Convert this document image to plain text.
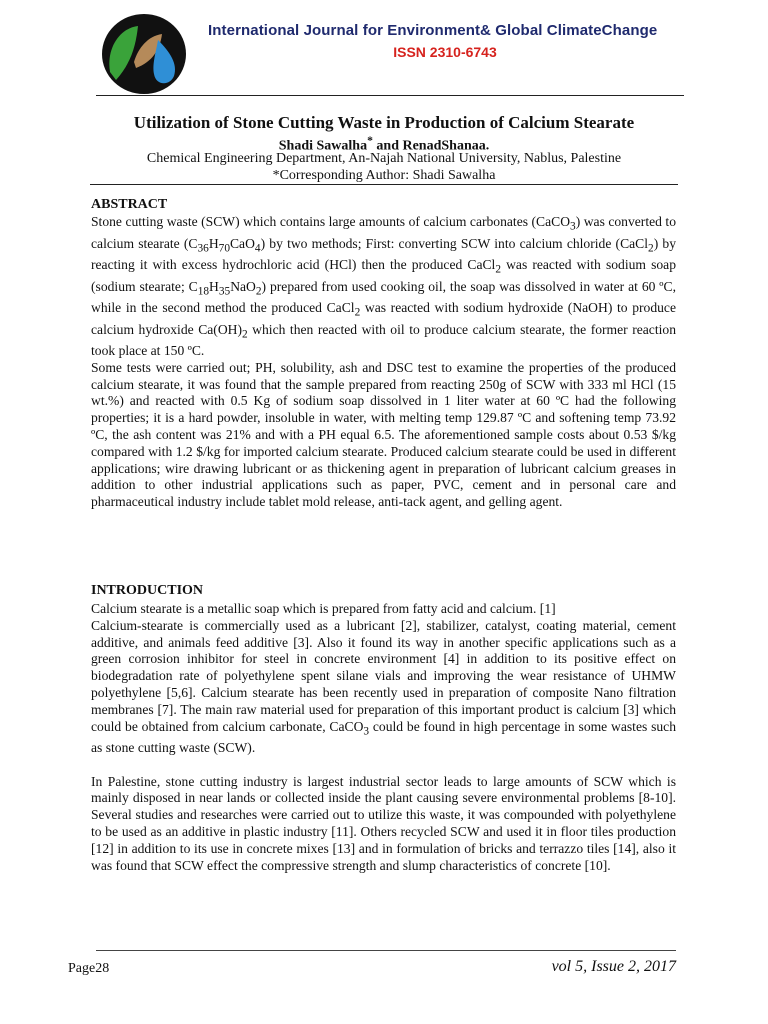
International Journal for Environment& Global ClimateChange
ISSN 2310-6743
Utilization of Stone Cutting Waste in Production of Calcium Stearate
Shadi Sawalha* and RenadShanaa.
Chemical Engineering Department, An-Najah National University, Nablus, Palestine
*Corresponding Author: Shadi Sawalha
ABSTRACT

Stone cutting waste (SCW) which contains large amounts of calcium carbonates (CaCO$_3$) was converted to calcium stearate $(C_{36}H_{70}CaO_4)$ by two methods; First: converting SCW into calcium chloride (CaCl$_2$) by reacting it with excess hydrochloric acid (HCl) then the produced CaCl$_2$ was reacted with sodium soap (sodium stearate; $C_{18}H_{35}NaO_2$) prepared from used cooking oil, the soap was dissolved in water at 60 ºC, while in the second method the produced CaCl$_2$ was reacted with sodium hydroxide (NaOH) to produce calcium hydroxide $Ca(OH)_2$ which then reacted with oil to produce calcium stearate, the former reaction took place at 150 ºC.

Some tests were carried out; PH, solubility, ash and DSC test to examine the properties of the produced calcium stearate, it was found that the sample prepared from reacting 250g of SCW with 333 ml HCl (15 wt.%) and reacted with 0.5 Kg of sodium soap dissolved in 1 liter water at 60 ºC had the following properties; it is a hard powder, insoluble in water, with melting temp 129.87 ºC and softening temp 73.92 ºC, the ash content was 21% and with a PH equal 6.5. The aforementioned sample costs about 0.53 $/kg compared with 1.2 $/kg for imported calcium stearate. Produced calcium stearate could be used in different applications; wire drawing lubricant or as thickening agent in preparation of lubricant calcium greases in addition to other industrial applications such as paper, PVC, cement and in personal care and pharmaceutical industry include tablet mold release, anti-tack agent, and gelling agent.

INTRODUCTION

Calcium stearate is a metallic soap which is prepared from fatty acid and calcium. [1]

Calcium-stearate is commercially used as a lubricant [2], stabilizer, catalyst, coating material, cement additive, and animals feed additive [3]. Also it found its way in another specific applications such as a green corrosion inhibitor for steel in concrete environment [4] in addition to its positive effect on biodegradation rate of polyethylene spent silane vials and improving the wear resistance of UHMW polyethylene [5,6]. Calcium stearate has been recently used in preparation of composite Nano filtration membranes [7]. The main raw material used for preparation of this important product is calcium [3] which could be obtained from calcium carbonate, CaCO$_3$ could be found in high percentage in some wastes such as stone cutting waste (SCW).

In Palestine, stone cutting industry is largest industrial sector leads to large amounts of SCW which is mainly disposed in near lands or collected inside the plant causing severe environmental problems [8-10]. Several studies and researches were carried out to utilize this waste, it was compounded with polyethylene to be used as an additive in plastic industry [11]. Others recycled SCW and used it in floor tiles production [12] in addition to its use in concrete mixes [13] and in formulation of bricks and terrazzo tiles [14], also it was found that SCW effect the compressive strength and slump characteristics of concrete [10].

Page28	vol 5, Issue 2, 2017
